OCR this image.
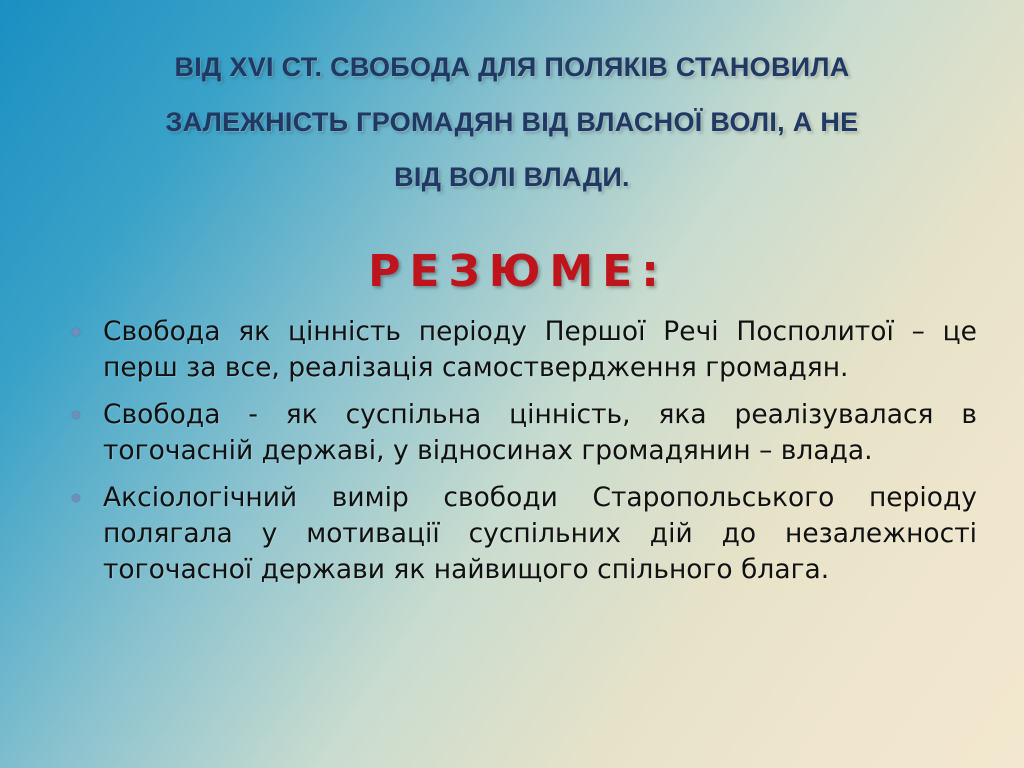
ВІД XVI СТ. СВОБОДА ДЛЯ ПОЛЯКІВ СТАНОВИЛА
ЗАЛЕЖНІСТЬ ГРОМАДЯН ВІД ВЛАСНОЇ ВОЛІ, А НЕ
ВІД ВОЛІ ВЛАДИ.
РЕЗЮМЕ:
Свобода як цінність періоду Першої Речі Посполитої – це перш за все, реалізація самоствердження громадян.
Свобода - як суспільна цінність, яка реалізувалася в тогочасній державі, у відносинах громадянин – влада.
Аксіологічний вимір свободи Старопольського періоду полягала у мотивації суспільних дій до незалежності тогочасної держави як найвищого спільного блага.
